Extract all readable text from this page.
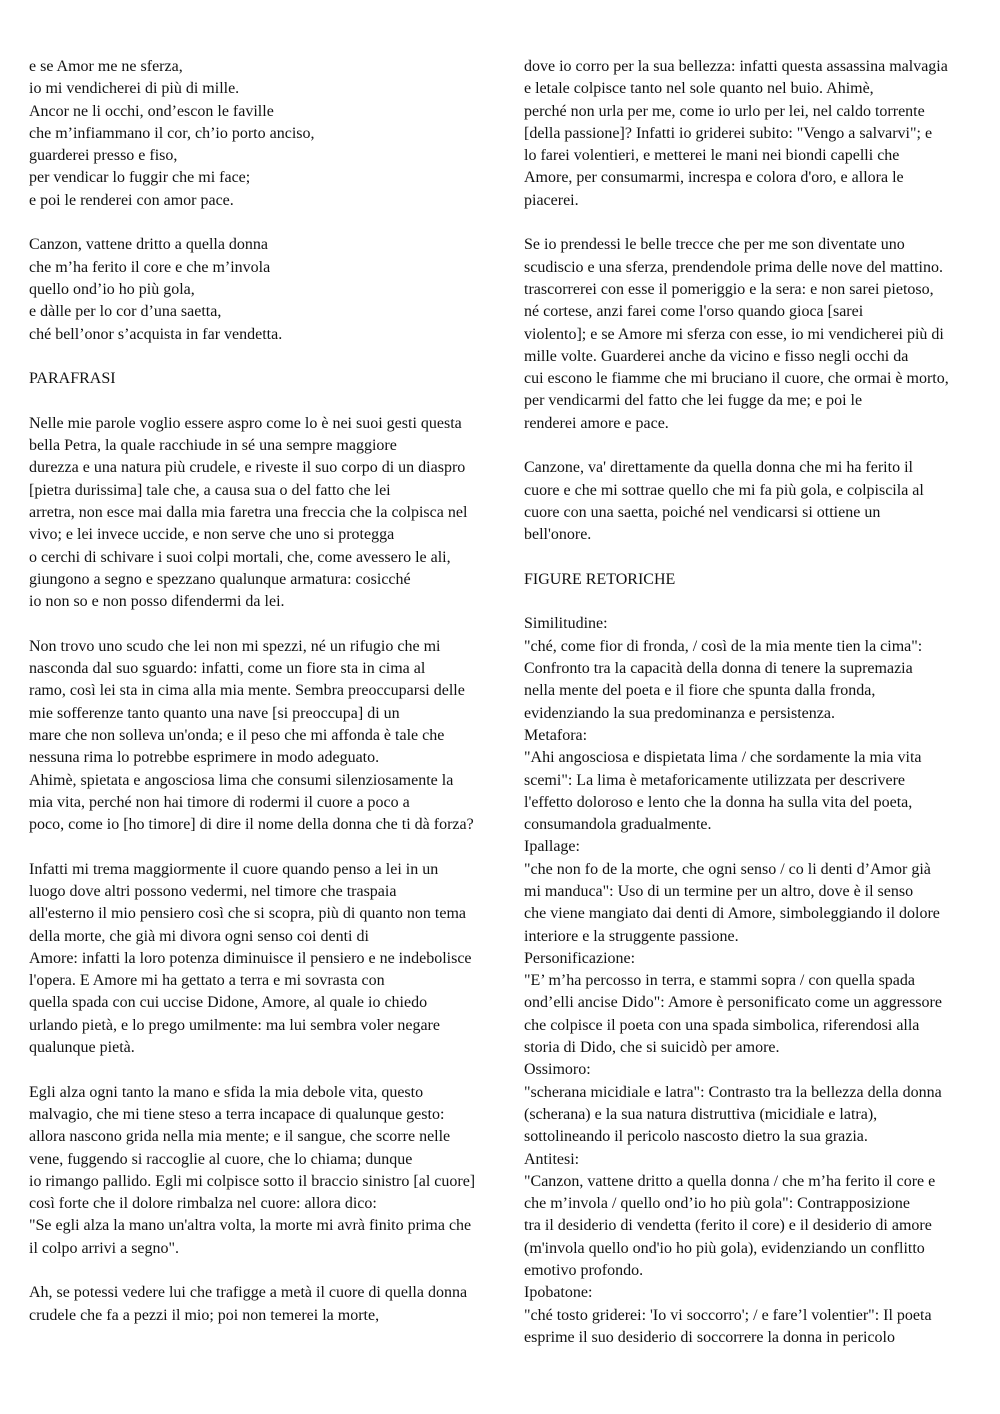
e se Amor me ne sferza,
io mi vendicherei di più di mille.
Ancor ne li occhi, ond’escon le faville
che m’infiammano il cor, ch’io porto anciso,
guarderei presso e fiso,
per vendicar lo fuggir che mi face;
e poi le renderei con amor pace.
Canzon, vattene dritto a quella donna
che m’ha ferito il core e che m’invola
quello ond’io ho più gola,
e dàlle per lo cor d’una saetta,
ché bell’onor s’acquista in far vendetta.
PARAFRASI
Nelle mie parole voglio essere aspro come lo è nei suoi gesti questa
bella Petra, la quale racchiude in sé una sempre maggiore
durezza e una natura più crudele, e riveste il suo corpo di un diaspro
[pietra durissima] tale che, a causa sua o del fatto che lei
arretra, non esce mai dalla mia faretra una freccia che la colpisca nel
vivo; e lei invece uccide, e non serve che uno si protegga
o cerchi di schivare i suoi colpi mortali, che, come avessero le ali,
giungono a segno e spezzano qualunque armatura: cosicché
io non so e non posso difendermi da lei.
Non trovo uno scudo che lei non mi spezzi, né un rifugio che mi
nasconda dal suo sguardo: infatti, come un fiore sta in cima al
ramo, così lei sta in cima alla mia mente. Sembra preoccuparsi delle
mie sofferenze tanto quanto una nave [si preoccupa] di un
mare che non solleva un'onda; e il peso che mi affonda è tale che
nessuna rima lo potrebbe esprimere in modo adeguato.
Ahimè, spietata e angosciosa lima che consumi silenziosamente la
mia vita, perché non hai timore di rodermi il cuore a poco a
poco, come io [ho timore] di dire il nome della donna che ti dà forza?
Infatti mi trema maggiormente il cuore quando penso a lei in un
luogo dove altri possono vedermi, nel timore che traspaia
all'esterno il mio pensiero così che si scopra, più di quanto non tema
della morte, che già mi divora ogni senso coi denti di
Amore: infatti la loro potenza diminuisce il pensiero e ne indebolisce
l'opera. E Amore mi ha gettato a terra e mi sovrasta con
quella spada con cui uccise Didone, Amore, al quale io chiedo
urlando pietà, e lo prego umilmente: ma lui sembra voler negare
qualunque pietà.
Egli alza ogni tanto la mano e sfida la mia debole vita, questo
malvagio, che mi tiene steso a terra incapace di qualunque gesto:
allora nascono grida nella mia mente; e il sangue, che scorre nelle
vene, fuggendo si raccoglie al cuore, che lo chiama; dunque
io rimango pallido. Egli mi colpisce sotto il braccio sinistro [al cuore]
così forte che il dolore rimbalza nel cuore: allora dico:
"Se egli alza la mano un'altra volta, la morte mi avrà finito prima che
il colpo arrivi a segno".
Ah, se potessi vedere lui che trafigge a metà il cuore di quella donna
crudele che fa a pezzi il mio; poi non temerei la morte,
dove io corro per la sua bellezza: infatti questa assassina malvagia
e letale colpisce tanto nel sole quanto nel buio. Ahimè,
perché non urla per me, come io urlo per lei, nel caldo torrente
[della passione]? Infatti io griderei subito: "Vengo a salvarvi"; e
lo farei volentieri, e metterei le mani nei biondi capelli che
Amore, per consumarmi, increspa e colora d'oro, e allora le
piacerei.
Se io prendessi le belle trecce che per me son diventate uno
scudiscio e una sferza, prendendole prima delle nove del mattino.
trascorrerei con esse il pomeriggio e la sera: e non sarei pietoso,
né cortese, anzi farei come l'orso quando gioca [sarei
violento]; e se Amore mi sferza con esse, io mi vendicherei più di
mille volte. Guarderei anche da vicino e fisso negli occhi da
cui escono le fiamme che mi bruciano il cuore, che ormai è morto,
per vendicarmi del fatto che lei fugge da me; e poi le
renderei amore e pace.
Canzone, va' direttamente da quella donna che mi ha ferito il
cuore e che mi sottrae quello che mi fa più gola, e colpiscila al
cuore con una saetta, poiché nel vendicarsi si ottiene un
bell'onore.
FIGURE RETORICHE
Similitudine:
"ché, come fior di fronda, / così de la mia mente tien la cima":
Confronto tra la capacità della donna di tenere la supremazia
nella mente del poeta e il fiore che spunta dalla fronda,
evidenziando la sua predominanza e persistenza.
Metafora:
"Ahi angosciosa e dispietata lima / che sordamente la mia vita
scemi": La lima è metaforicamente utilizzata per descrivere
l'effetto doloroso e lento che la donna ha sulla vita del poeta,
consumandola gradualmente.
Ipallage:
"che non fo de la morte, che ogni senso / co li denti d’Amor già
mi manduca": Uso di un termine per un altro, dove è il senso
che viene mangiato dai denti di Amore, simboleggiando il dolore
interiore e la struggente passione.
Personificazione:
"E’ m’ha percosso in terra, e stammi sopra / con quella spada
ond’elli ancise Dido": Amore è personificato come un aggressore
che colpisce il poeta con una spada simbolica, riferendosi alla
storia di Dido, che si suicidò per amore.
Ossimoro:
"scherana micidiale e latra": Contrasto tra la bellezza della donna
(scherana) e la sua natura distruttiva (micidiale e latra),
sottolineando il pericolo nascosto dietro la sua grazia.
Antitesi:
"Canzon, vattene dritto a quella donna / che m’ha ferito il core e
che m’invola / quello ond’io ho più gola": Contrapposizione
tra il desiderio di vendetta (ferito il core) e il desiderio di amore
(m'invola quello ond'io ho più gola), evidenziando un conflitto
emotivo profondo.
Ipobatone:
"ché tosto griderei: 'Io vi soccorro'; / e fare’l volentier": Il poeta
esprime il suo desiderio di soccorrere la donna in pericolo
